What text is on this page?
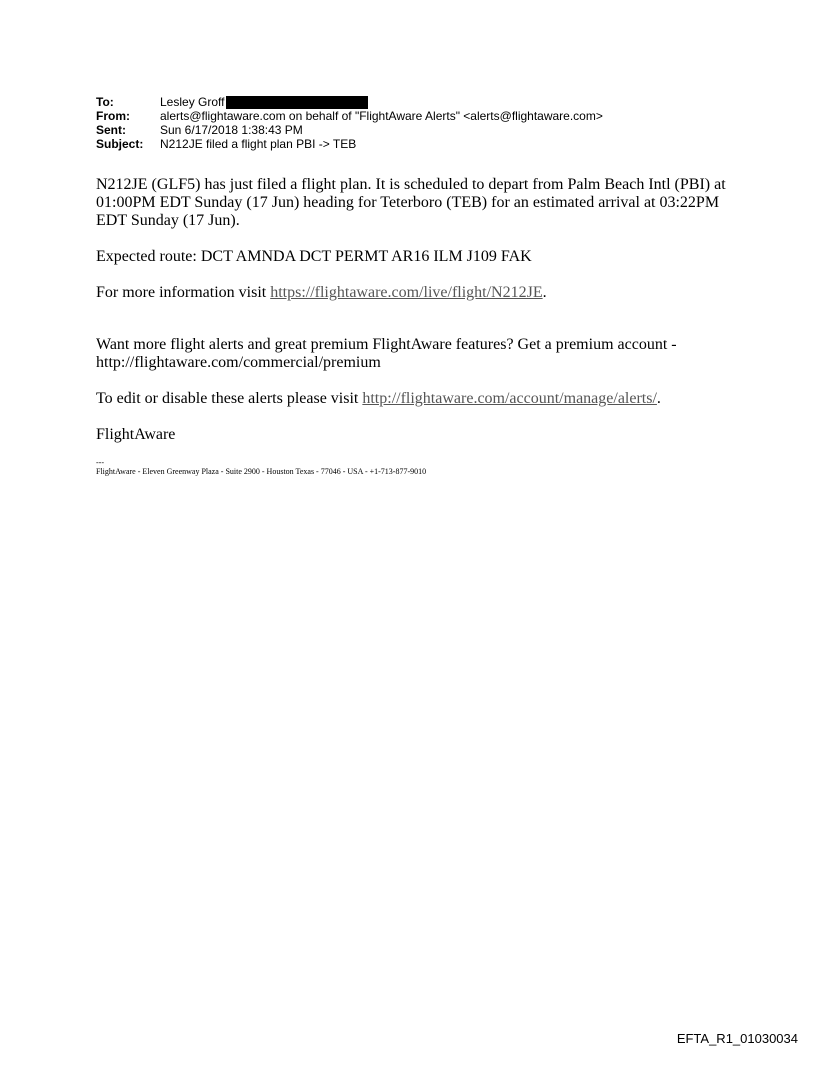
To:	Lesley Groff
From:	alerts@flightaware.com on behalf of "FlightAware Alerts" <alerts@flightaware.com>
Sent:	Sun 6/17/2018 1:38:43 PM
Subject:	N212JE filed a flight plan PBI -> TEB

N212JE (GLF5) has just filed a flight plan. It is scheduled to depart from Palm Beach Intl (PBI) at 01:00PM EDT Sunday (17 Jun) heading for Teterboro (TEB) for an estimated arrival at 03:22PM EDT Sunday (17 Jun).

Expected route: DCT AMNDA DCT PERMT AR16 ILM J109 FAK

For more information visit https://flightaware.com/live/flight/N212JE.

Want more flight alerts and great premium FlightAware features? Get a premium account - http://flightaware.com/commercial/premium

To edit or disable these alerts please visit http://flightaware.com/account/manage/alerts/.

FlightAware

---
FlightAware - Eleven Greenway Plaza - Suite 2900 - Houston Texas - 77046 - USA - +1-713-877-9010
EFTA_R1_01030034
